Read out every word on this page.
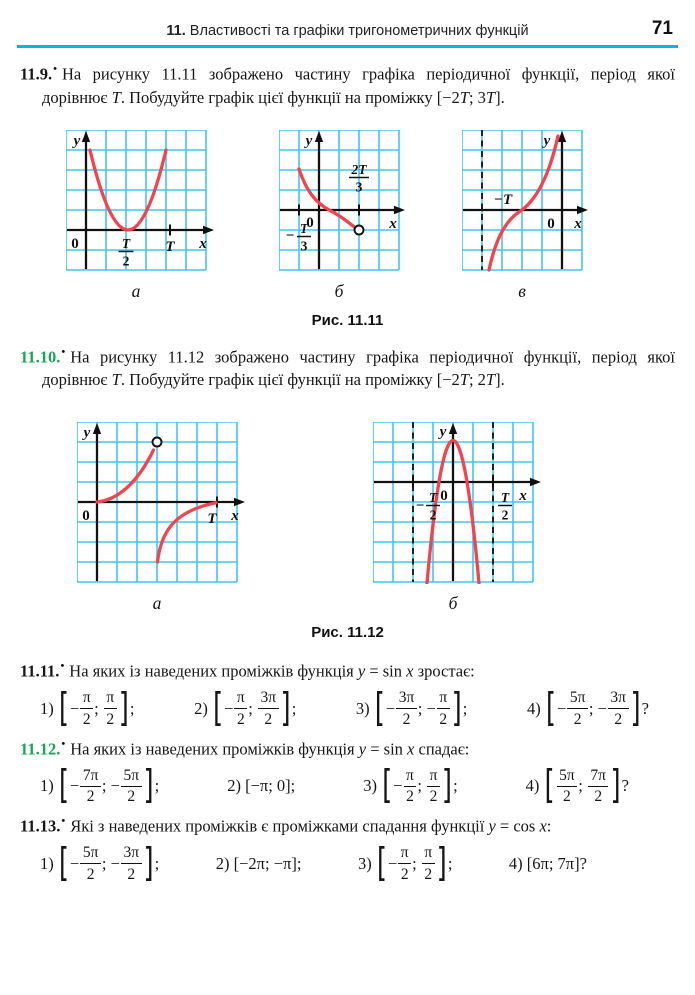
11. Властивості та графіки тригонометричних функцій	71

11.9.• На рисунку 11.11 зображено частину графіка періодичної функції, період якої дорівнює T. Побудуйте графік цієї функції на проміжку [−2T; 3T].

y
0	T
2
T x
y
0
− T
3
2T
3
x
y
−T
0 x
а	б	в
Рис. 11.11

11.10.• На рисунку 11.12 зображено частину графіка періодичної функції, період якої дорівнює T. Побудуйте графік цієї функції на проміжку [−2T; 2T].

y
0	T x
y
0
−
T
2
T
2
x
а	б
Рис. 11.12

11.11.• На яких із наведених проміжків функція y = sin x зростає:

1) [ − $\frac{\pi}{2}$ ; $\frac{\pi}{2}$ ] ;	2) [ − $\frac{\pi}{2}$ ; $\frac{3\pi}{2}$ ] ;	3) [ − $\frac{3\pi}{2}$ ; − $\frac{\pi}{2}$ ] ;	4) [ − $\frac{5\pi}{2}$ ; − $\frac{3\pi}{2}$ ] ?

11.12.• На яких із наведених проміжків функція y = sin x спадає:

1) [ − $\frac{7\pi}{2}$ ; − $\frac{5\pi}{2}$ ] ;	2) [ −π; 0 ] ;	3) [ − $\frac{\pi}{2}$ ; $\frac{\pi}{2}$ ] ;	4) [ $\frac{5\pi}{2}$ ; $\frac{7\pi}{2}$ ] ?

11.13.• Які з наведених проміжків є проміжками спадання функції y = cos x:

1) [ − $\frac{5\pi}{2}$ ; − $\frac{3\pi}{2}$ ] ;	2) [ −2π; −π ] ;	3) [ − $\frac{\pi}{2}$ ; $\frac{\pi}{2}$ ] ;	4) [ 6π; 7π ] ?
